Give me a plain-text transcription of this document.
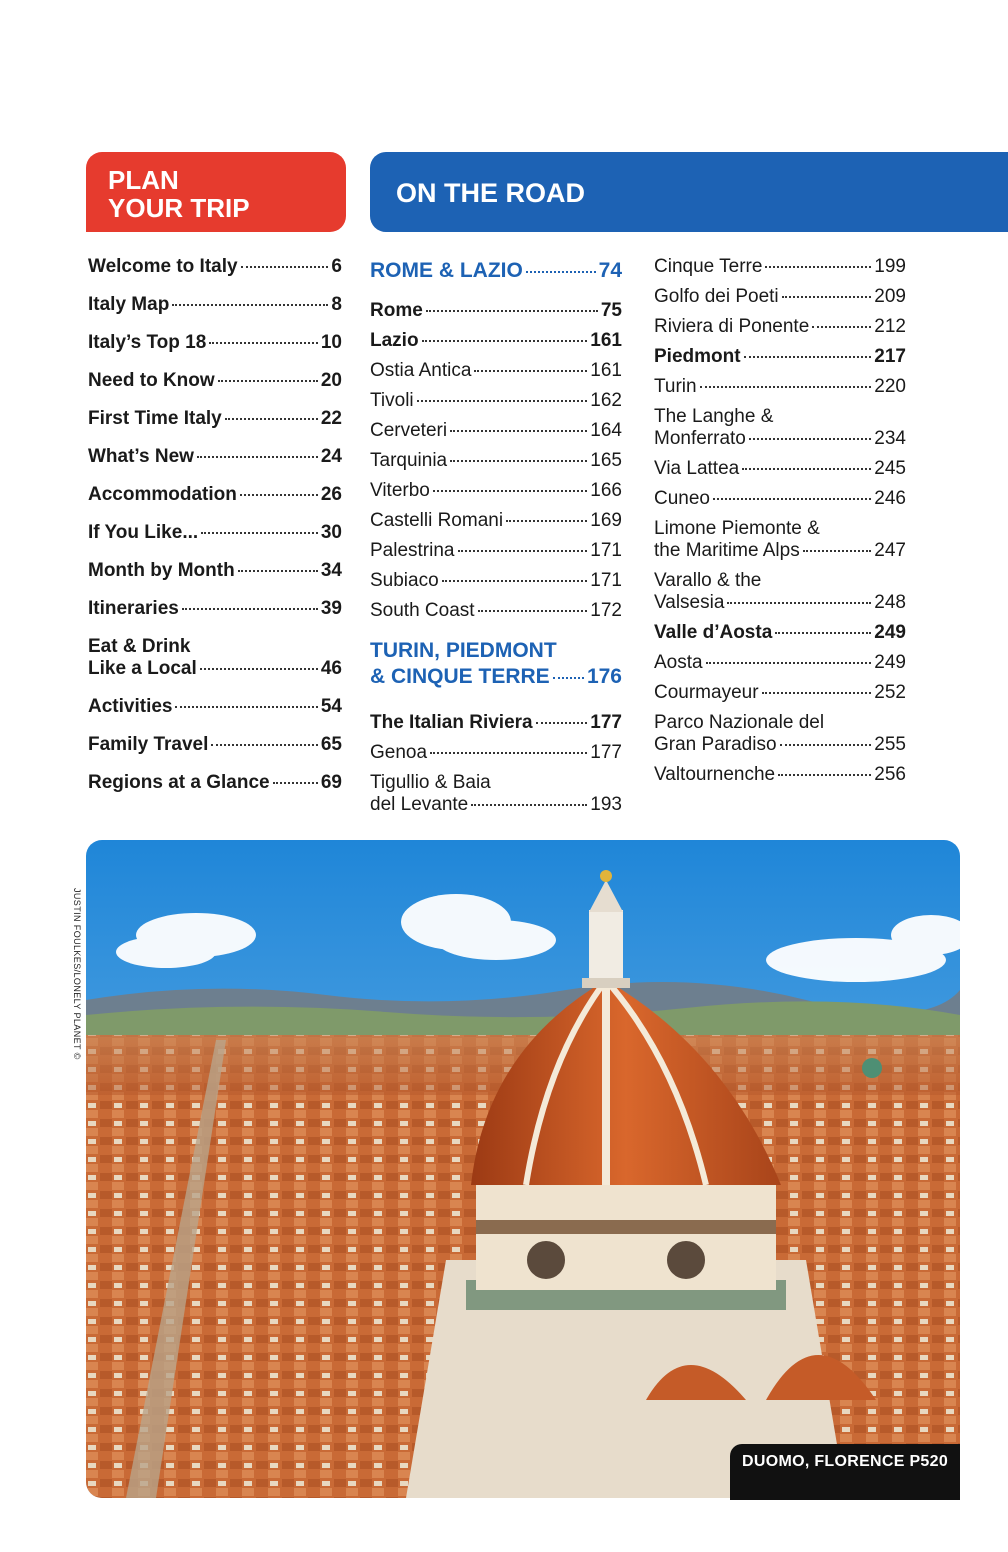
PLAN
YOUR TRIP	ON THE ROAD
Welcome to Italy	6
Italy Map	8
Italy’s Top 18	10
Need to Know	20
First Time Italy	22
What’s New	24
Accommodation	26
If You Like...	30
Month by Month	34
Itineraries	39
Eat & Drink
Like a Local	46
Activities	54
Family Travel	65
Regions at a Glance	69
ROME & LAZIO	74
Rome	75
Lazio	161
Ostia Antica	161
Tivoli	162
Cerveteri	164
Tarquinia	165
Viterbo	166
Castelli Romani	169
Palestrina	171
Subiaco	171
South Coast	172
TURIN, PIEDMONT
& CINQUE TERRE 176
The Italian Riviera	177
Genoa	177
Tigullio & Baia
del Levante	193
Cinque Terre	199
Golfo dei Poeti	209
Riviera di Ponente	212
Piedmont	217
Turin	220
The Langhe &
Monferrato	234
Via Lattea	245
Cuneo	246
Limone Piemonte &
the Maritime Alps	247
Varallo & the
Valsesia	248
Valle d’Aosta	249
Aosta	249
Courmayeur	252
Parco Nazionale del
Gran Paradiso	255
Valtournenche	256
JUSTIN FOULKES/LONELY PLANET ©
DUOMO, FLORENCE P520
